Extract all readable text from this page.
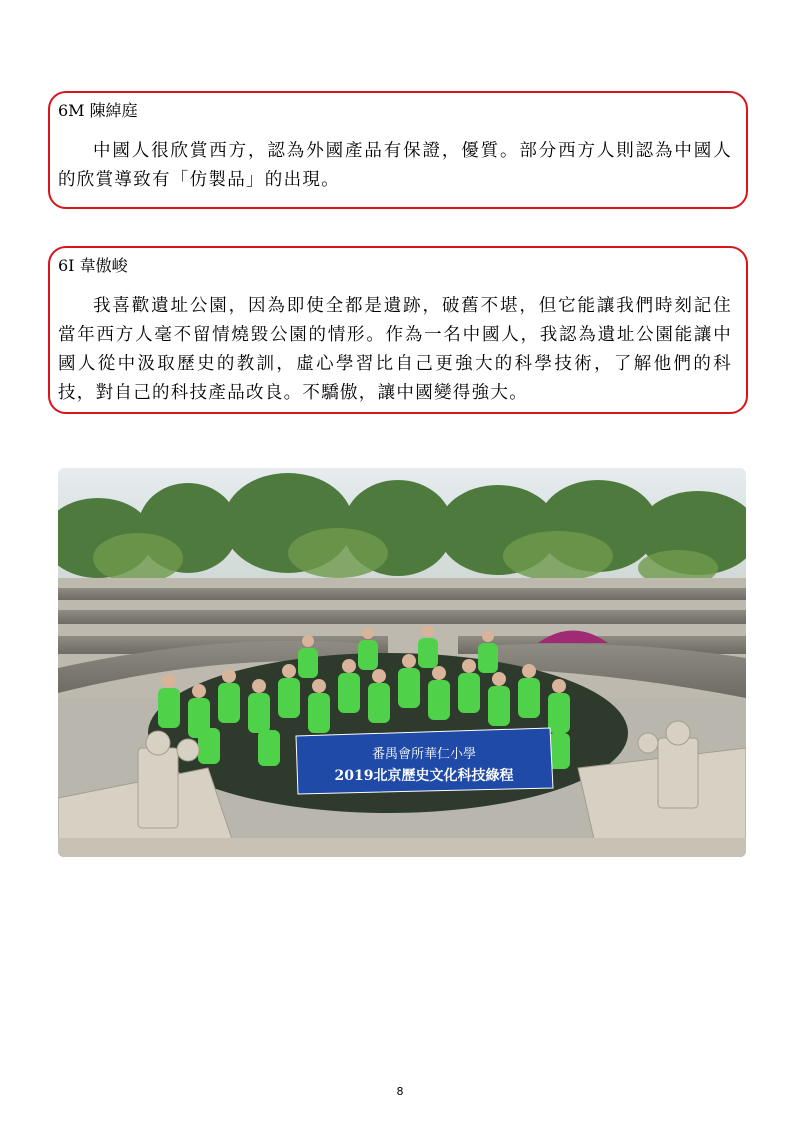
6M 陳綽庭
中國人很欣賞西方，認為外國產品有保證，優質。部分西方人則認為中國人的欣賞導致有「仿製品」的出現。
6I 韋傲峻
我喜歡遺址公園，因為即使全都是遺跡，破舊不堪，但它能讓我們時刻記住當年西方人毫不留情燒毀公園的情形。作為一名中國人，我認為遺址公園能讓中國人從中汲取歷史的教訓，虛心學習比自己更強大的科學技術，了解他們的科技，對自己的科技產品改良。不驕傲，讓中國變得強大。
番禺會所華仁小學
2019北京歷史文化科技綠程
8
